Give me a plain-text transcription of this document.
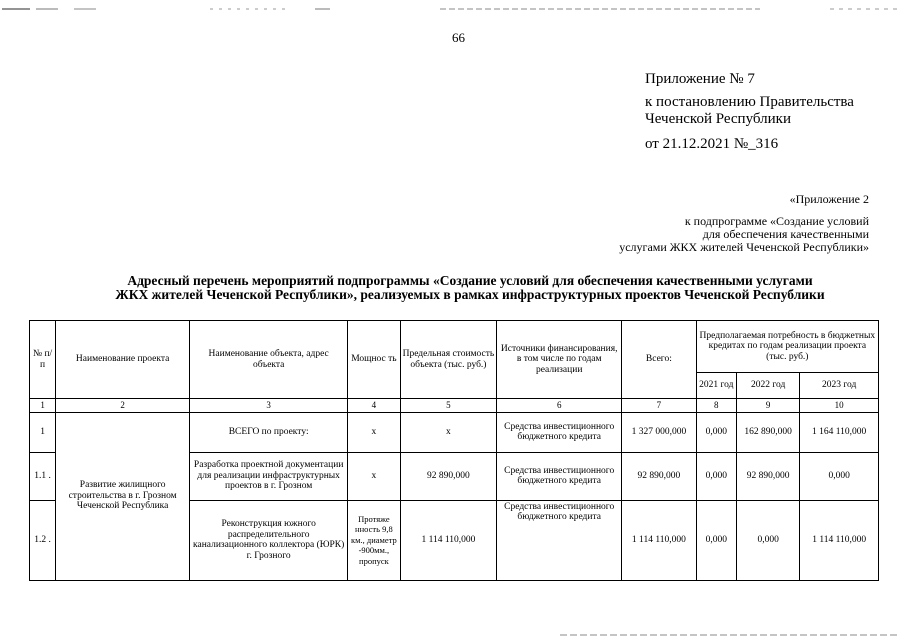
66
Приложение № 7
к постановлению Правительства
Чеченской Республики
от 21.12.2021 №_316
«Приложение 2
к подпрограмме «Создание условий
для обеспечения качественными
услугами ЖКХ жителей Чеченской Республики»
Адресный перечень мероприятий подпрограммы «Создание условий для обеспечения качественными услугами
ЖКХ жителей Чеченской Республики», реализуемых в рамках инфраструктурных проектов Чеченской Республики
№ п/ п	Наименование проекта	Наименование объекта, адрес объекта	Мощнос ть	Предельная стоимость объекта (тыс. руб.)	Источники финансирования, в том числе по годам реализации	Всего:	Предполагаемая потребность в бюджетных кредитах по годам реализации проекта (тыс. руб.)		
							2021 год	2022 год	2023 год
1	2	3	4	5	6	7	8	9	10
1	Развитие жилищного строительства в г. Грозном Чеченской Республика	ВСЕГО по проекту:	х	х	Средства инвестиционного бюджетного кредита	1 327 000,000	0,000	162 890,000	1 164 110,000
1.1 .		Разработка проектной документации для реализации инфраструктурных проектов в г. Грозном	х	92 890,000	Средства инвестиционного бюджетного кредита	92 890,000	0,000	92 890,000	0,000
1.2 .		Реконструкция южного распределительного канализационного коллектора (ЮРК) г. Грозного	Протяже нность 9,8 км., диаметр -900мм., пропуск	1 114 110,000	Средства инвестиционного бюджетного кредита	1 114 110,000	0,000	0,000	1 114 110,000
